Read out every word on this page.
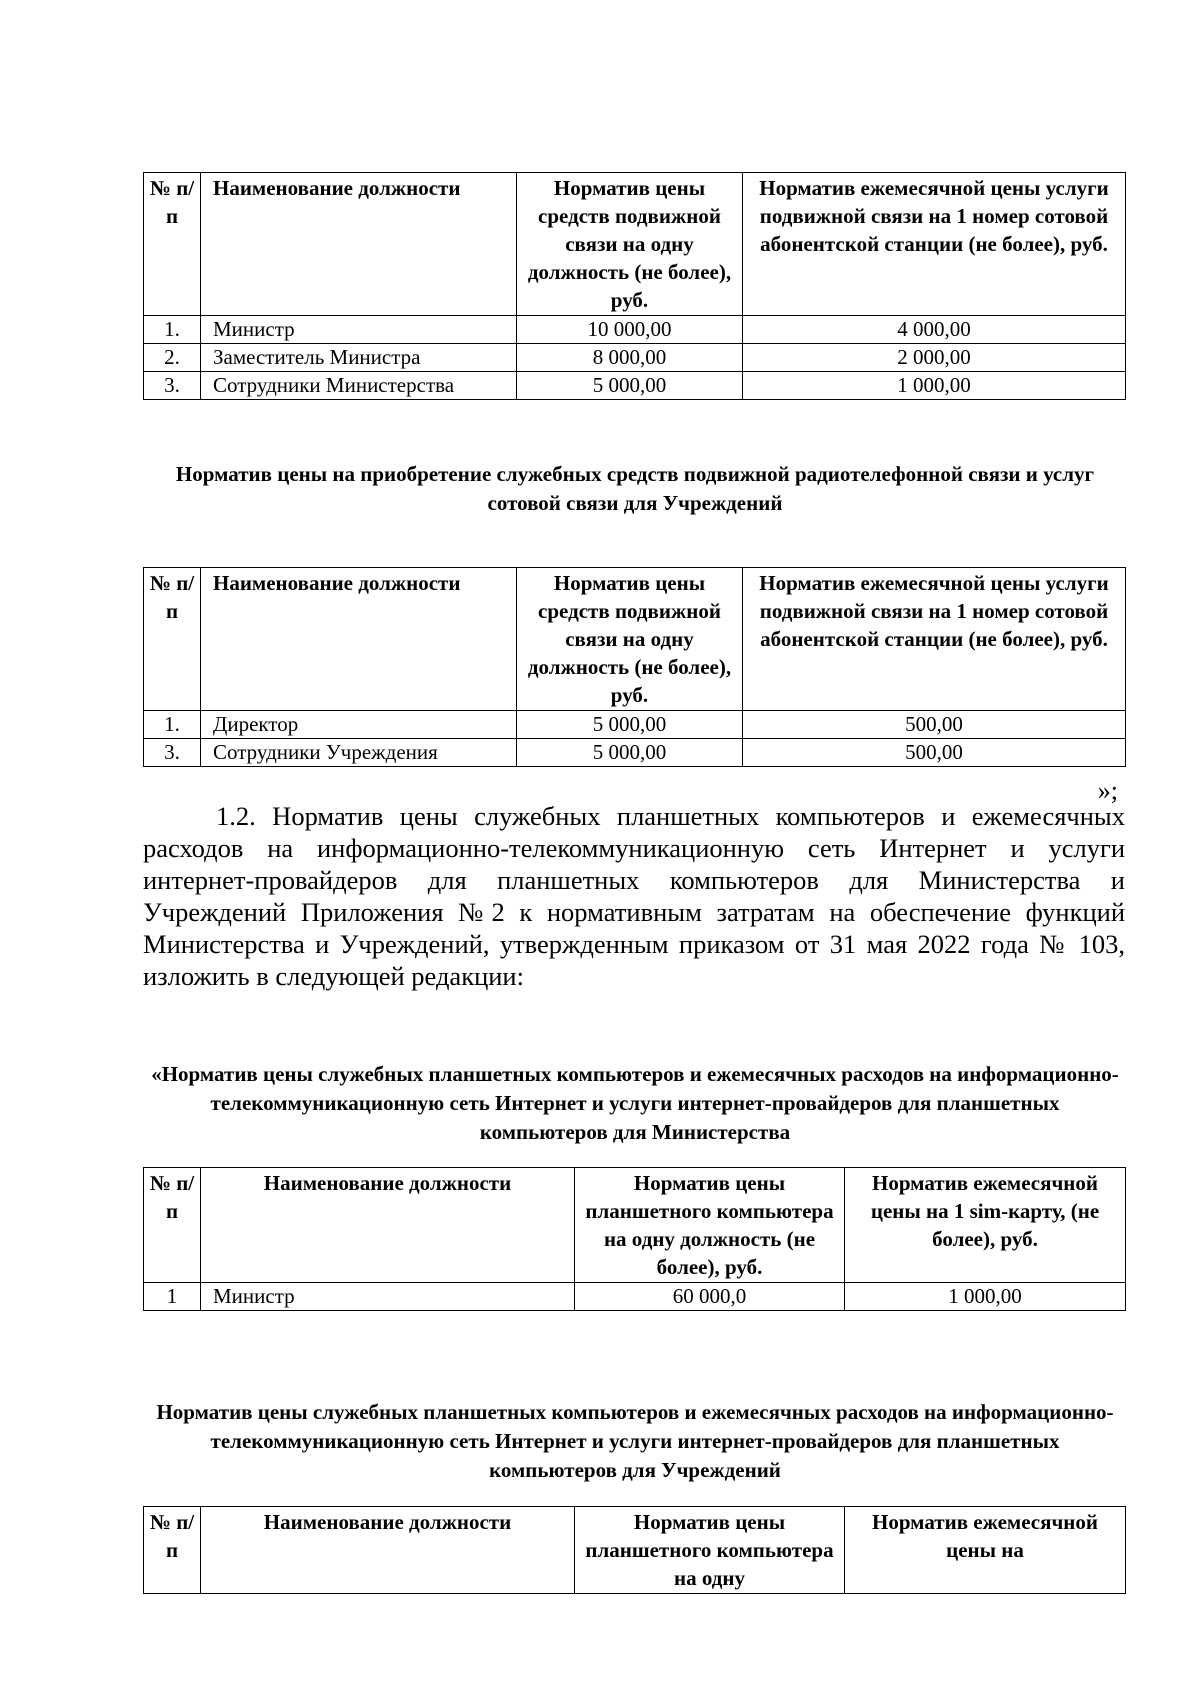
№ п/п	Наименование должности	Норматив цены средств подвижной связи на одну должность (не более), руб.	Норматив ежемесячной цены услуги подвижной связи на 1 номер сотовой абонентской станции (не более), руб.
1.	Министр	10 000,00	4 000,00
2.	Заместитель Министра	8 000,00	2 000,00
3.	Сотрудники Министерства	5 000,00	1 000,00
Норматив цены на приобретение служебных средств подвижной радиотелефонной связи и услуг сотовой связи для Учреждений
№ п/п	Наименование должности	Норматив цены средств подвижной связи на одну должность (не более), руб.	Норматив ежемесячной цены услуги подвижной связи на 1 номер сотовой абонентской станции (не более), руб.
1.	Директор	5 000,00	500,00
3.	Сотрудники Учреждения	5 000,00	500,00
»;
1.2. Норматив цены служебных планшетных компьютеров и ежемесячных расходов на информационно-телекоммуникационную сеть Интернет и услуги интернет-провайдеров для планшетных компьютеров для Министерства и Учреждений Приложения №2 к нормативным затратам на обеспечение функций Министерства и Учреждений, утвержденным приказом от 31 мая 2022 года № 103, изложить в следующей редакции:
«Норматив цены служебных планшетных компьютеров и ежемесячных расходов на информационно-телекоммуникационную сеть Интернет и услуги интернет-провайдеров для планшетных компьютеров для Министерства
№ п/п	Наименование должности	Норматив цены планшетного компьютера на одну должность (не более), руб.	Норматив ежемесячной цены на 1 sim-карту, (не более), руб.
1	Министр	60 000,0	1 000,00
Норматив цены служебных планшетных компьютеров и ежемесячных расходов на информационно-телекоммуникационную сеть Интернет и услуги интернет-провайдеров для планшетных компьютеров для Учреждений
№ п/п	Наименование должности	Норматив цены планшетного компьютера на одну	Норматив ежемесячной цены на
